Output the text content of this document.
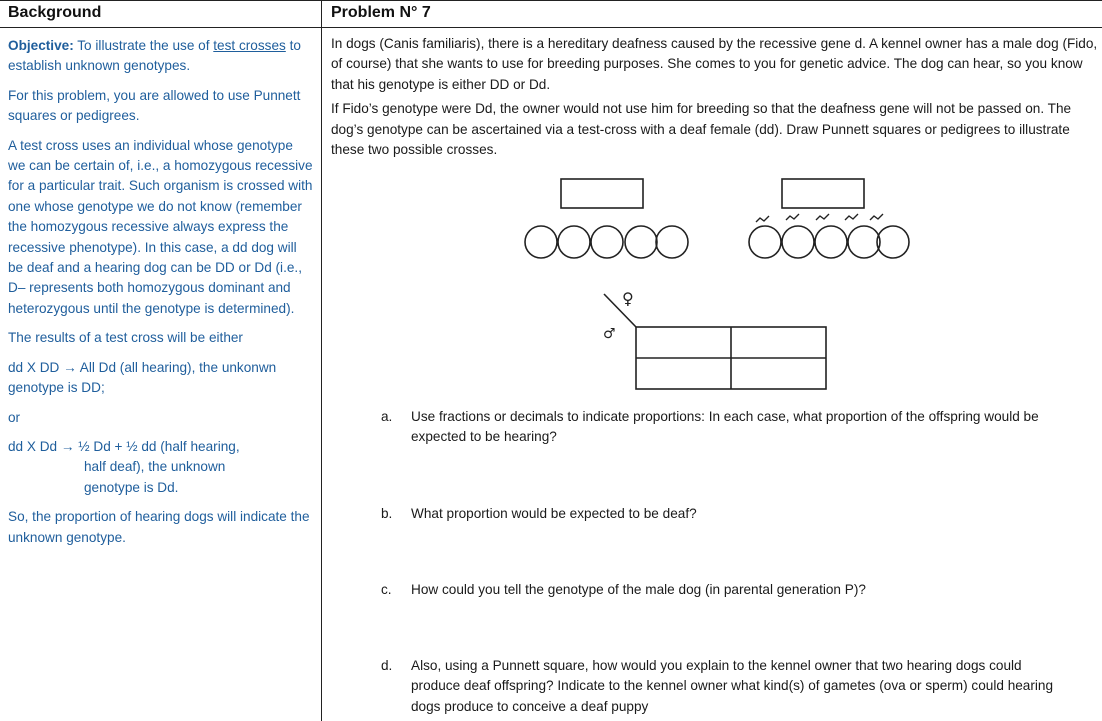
Background	Problem N° 7

Objective: To illustrate the use of test crosses to establish unknown genotypes.

For this problem, you are allowed to use Punnett squares or pedigrees.

A test cross uses an individual whose genotype we can be certain of, i.e., a homozygous recessive for a particular trait. Such organism is crossed with one whose genotype we do not know (remember the homozygous recessive always express the recessive phenotype). In this case, a dd dog will be deaf and a hearing dog can be DD or Dd (i.e., D– represents both homozygous dominant and heterozygous until the genotype is determined).

The results of a test cross will be either

dd X DD → All Dd (all hearing), the unkonwn genotype is DD;

or

dd X Dd → ½ Dd + ½ dd (half hearing,
half deaf), the unknown
genotype is Dd.

So, the proportion of hearing dogs will indicate the unknown genotype.

In dogs (Canis familiaris), there is a hereditary deafness caused by the recessive gene d. A kennel owner has a male dog (Fido, of course) that she wants to use for breeding purposes. She comes to you for genetic advice. The dog can hear, so you know that his genotype is either DD or Dd.

If Fido’s genotype were Dd, the owner would not use him for breeding so that the deafness gene will not be passed on. The dog’s genotype can be ascertained via a test-cross with a deaf female (dd). Draw Punnett squares or pedigrees to illustrate these two possible crosses.

♀
♂
a. Use fractions or decimals to indicate proportions: In each case, what proportion of the offspring would be expected to be hearing?
b. What proportion would be expected to be deaf?
c. How could you tell the genotype of the male dog (in parental generation P)?
d. Also, using a Punnett square, how would you explain to the kennel owner that two hearing dogs could produce deaf offspring? Indicate to the kennel owner what kind(s) of gametes (ova or sperm) could hearing dogs produce to conceive a deaf puppy
